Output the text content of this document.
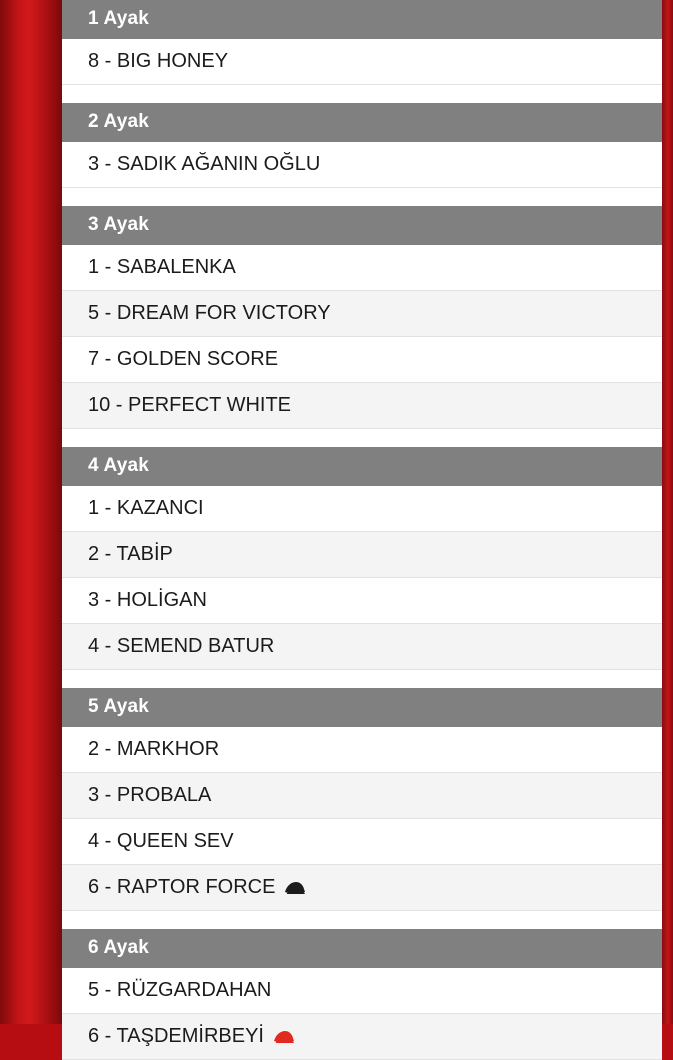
1 Ayak
8 - BIG HONEY
2 Ayak
3 - SADIK AĞANIN OĞLU
3 Ayak
1 - SABALENKA
5 - DREAM FOR VICTORY
7 - GOLDEN SCORE
10 - PERFECT WHITE
4 Ayak
1 - KAZANCI
2 - TABİP
3 - HOLİGAN
4 - SEMEND BATUR
5 Ayak
2 - MARKHOR
3 - PROBALA
4 - QUEEN SEV
6 - RAPTOR FORCE
6 Ayak
5 - RÜZGARDAHAN
6 - TAŞDEMİRBEYİ
